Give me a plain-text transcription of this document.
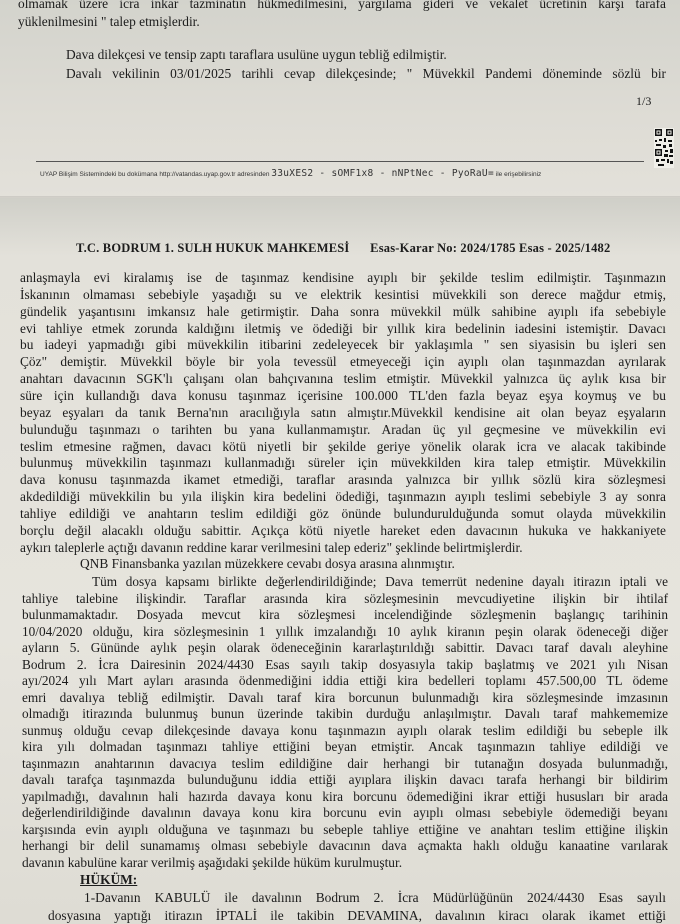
olmamak üzere icra inkar tazminatın hükmedilmesini, yargılama gideri ve vekalet ücretinin karşı tarafa
yüklenilmesini " talep etmişlerdir.
Dava dilekçesi ve tensip zaptı taraflara usulüne uygun tebliğ edilmiştir.
Davalı vekilinin 03/01/2025 tarihli cevap dilekçesinde; " Müvekkil Pandemi döneminde sözlü bir
1/3
UYAP Bilişim Sistemindeki bu dokümana http://vatandas.uyap.gov.tr adresinden 33uXES2 - sOMF1x8 - nNPtNec - PyoRaU= ile erişebilirsiniz
T.C. BODRUM 1. SULH HUKUK MAHKEMESİ Esas-Karar No: 2024/1785 Esas - 2025/1482
anlaşmayla evi kiralamış ise de taşınmaz kendisine ayıplı bir şekilde teslim edilmiştir. Taşınmazın
İskanının olmaması sebebiyle yaşadığı su ve elektrik kesintisi müvekkili son derece mağdur etmiş,
gündelik yaşantısını imkansız hale getirmiştir. Daha sonra müvekkil mülk sahibine ayıplı ifa sebebiyle
evi tahliye etmek zorunda kaldığını iletmiş ve ödediği bir yıllık kira bedelinin iadesini istemiştir. Davacı
bu iadeyi yapmadığı gibi müvekkilin itibarini zedeleyecek bir yaklaşımla " sen siyasisin bu işleri sen
Çöz" demiştir. Müvekkil böyle bir yola tevessül etmeyeceği için ayıplı olan taşınmazdan ayrılarak
anahtarı davacının SGK'lı çalışanı olan bahçıvanına teslim etmiştir. Müvekkil yalnızca üç aylık kısa bir
süre için kullandığı dava konusu taşınmaz içerisine 100.000 TL'den fazla beyaz eşya koymuş ve bu
beyaz eşyaları da tanık Berna'nın aracılığıyla satın almıştır.Müvekkil kendisine ait olan beyaz eşyaların
bulunduğu taşınmazı o tarihten bu yana kullanmamıştır. Aradan üç yıl geçmesine ve müvekkilin evi
teslim etmesine rağmen, davacı kötü niyetli bir şekilde geriye yönelik olarak icra ve alacak takibinde
bulunmuş müvekkilin taşınmazı kullanmadığı süreler için müvekkilden kira talep etmiştir. Müvekkilin
dava konusu taşınmazda ikamet etmediği, taraflar arasında yalnızca bir yıllık sözlü kira sözleşmesi
akdedildiği müvekkilin bu yıla ilişkin kira bedelini ödediği, taşınmazın ayıplı teslimi sebebiyle 3 ay sonra
tahliye edildiği ve anahtarın teslim edildiği göz önünde bulundurulduğunda somut olayda müvekkilin
borçlu değil alacaklı olduğu sabittir. Açıkça kötü niyetle hareket eden davacının hukuka ve hakkaniyete
aykırı taleplerle açtığı davanın reddine karar verilmesini talep ederiz" şeklinde belirtmişlerdir.
QNB Finansbanka yazılan müzekkere cevabı dosya arasına alınmıştır.
Tüm dosya kapsamı birlikte değerlendirildiğinde; Dava temerrüt nedenine dayalı itirazın iptali ve
tahliye talebine ilişkindir. Taraflar arasında kira sözleşmesinin mevcudiyetine ilişkin bir ihtilaf
bulunmamaktadır. Dosyada mevcut kira sözleşmesi incelendiğinde sözleşmenin başlangıç tarihinin
10/04/2020 olduğu, kira sözleşmesinin 1 yıllık imzalandığı 10 aylık kiranın peşin olarak ödeneceği diğer
ayların 5. Gününde aylık peşin olarak ödeneceğinin kararlaştırıldığı sabittir. Davacı taraf davalı aleyhine
Bodrum 2. İcra Dairesinin 2024/4430 Esas sayılı takip dosyasıyla takip başlatmış ve 2021 yılı Nisan
ayı/2024 yılı Mart ayları arasında ödenmediğini iddia ettiği kira bedelleri toplamı 457.500,00 TL ödeme
emri davalıya tebliğ edilmiştir. Davalı taraf kira borcunun bulunmadığı kira sözleşmesinde imzasının
olmadığı itirazında bulunmuş bunun üzerinde takibin durduğu anlaşılmıştır. Davalı taraf mahkememize
sunmuş olduğu cevap dilekçesinde davaya konu taşınmazın ayıplı olarak teslim edildiği bu sebeple ilk
kira yılı dolmadan taşınmazı tahliye ettiğini beyan etmiştir. Ancak taşınmazın tahliye edildiği ve
taşınmazın anahtarının davacıya teslim edildiğine dair herhangi bir tutanağın dosyada bulunmadığı,
davalı tarafça taşınmazda bulunduğunu iddia ettiği ayıplara ilişkin davacı tarafa herhangi bir bildirim
yapılmadığı, davalının hali hazırda davaya konu kira borcunu ödemediğini ikrar ettiği hususları bir arada
değerlendirildiğinde davalının davaya konu kira borcunu evin ayıplı olması sebebiyle ödemediği beyanı
karşısında evin ayıplı olduğuna ve taşınmazı bu sebeple tahliye ettiğine ve anahtarı teslim ettiğine ilişkin
herhangi bir delil sunamamış olması sebebiyle davacının dava açmakta haklı olduğu kanaatine varılarak
davanın kabulüne karar verilmiş aşağıdaki şekilde hüküm kurulmuştur.
HÜKÜM:
1-Davanın KABULÜ ile davalının Bodrum 2. İcra Müdürlüğünün 2024/4430 Esas sayılı
dosyasına yaptığı itirazın İPTALİ ile takibin DEVAMINA, davalının kiracı olarak ikamet ettiği
